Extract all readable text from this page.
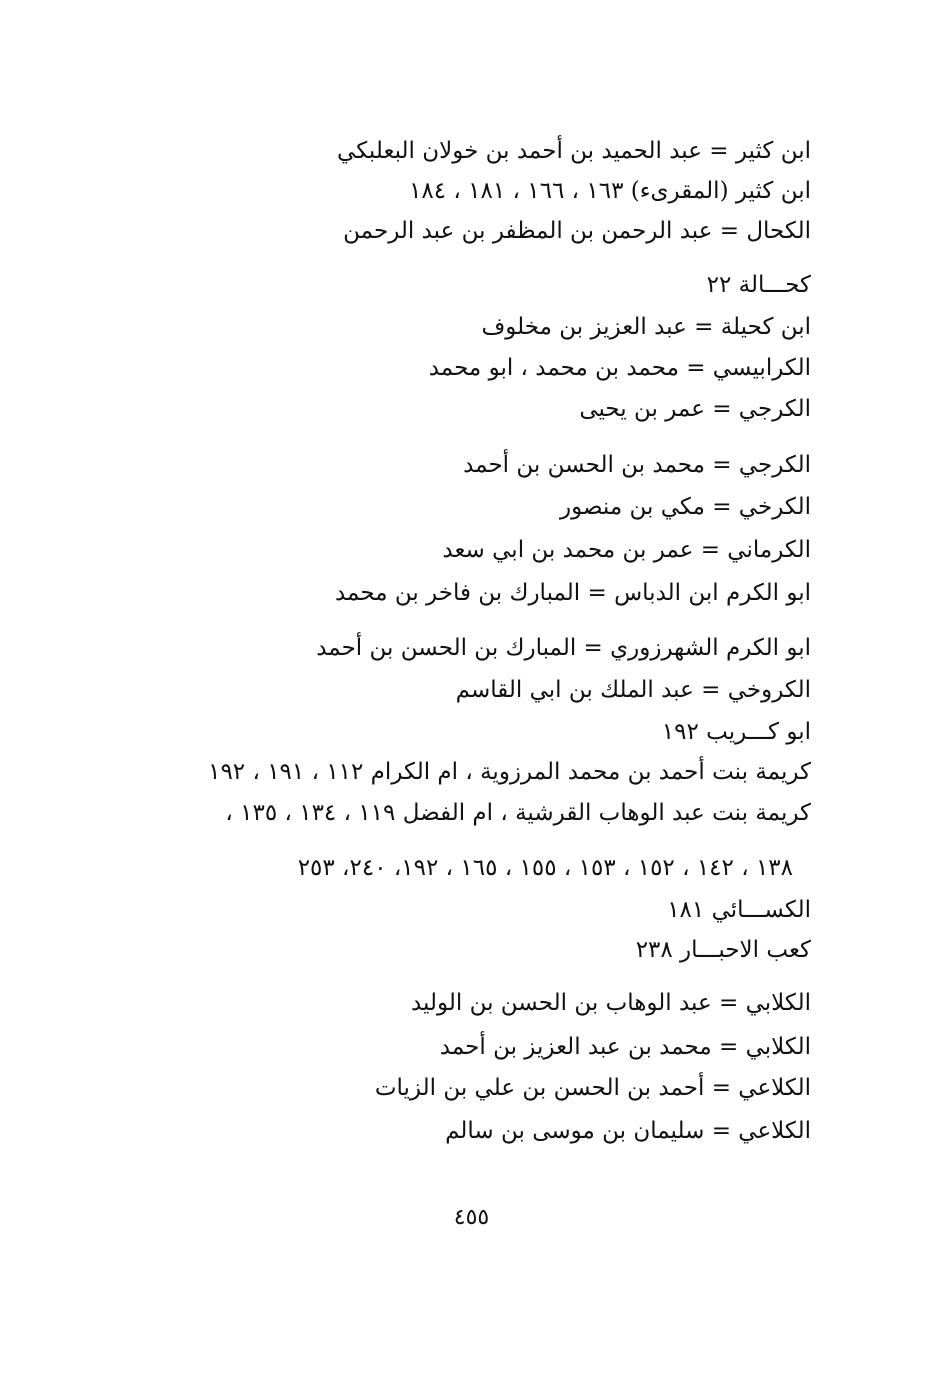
ابن كثير = عبد الحميد بن أحمد بن خولان البعلبكي
ابن كثير (المقرىء) ١٦٣ ، ١٦٦ ، ١٨١ ، ١٨٤
الكحال = عبد الرحمن بن المظفر بن عبد الرحمن
كحـــالة ٢٢
ابن كحيلة = عبد العزيز بن مخلوف
الكرابيسي = محمد بن محمد ، ابو محمد
الكرجي = عمر بن يحيى
الكرجي = محمد بن الحسن بن أحمد
الكرخي = مكي بن منصور
الكرماني = عمر بن محمد بن ابي سعد
ابو الكرم ابن الدباس = المبارك بن فاخر بن محمد
ابو الكرم الشهرزوري = المبارك بن الحسن بن أحمد
الكروخي = عبد الملك بن ابي القاسم
ابو كـــريب ١٩٢
كريمة بنت أحمد بن محمد المرزوية ، ام الكرام ١١٢ ، ١٩١ ، ١٩٢
كريمة بنت عبد الوهاب القرشية ، ام الفضل ١١٩ ، ١٣٤ ، ١٣٥ ،
١٣٨ ، ١٤٢ ، ١٥٢ ، ١٥٣ ، ١٥٥ ، ١٦٥ ، ١٩٢، ٢٤٠، ٢٥٣
الكســـائي ١٨١
كعب الاحبـــار ٢٣٨
الكلابي = عبد الوهاب بن الحسن بن الوليد
الكلابي = محمد بن عبد العزيز بن أحمد
الكلاعي = أحمد بن الحسن بن علي بن الزيات
الكلاعي = سليمان بن موسى بن سالم
٤٥٥
